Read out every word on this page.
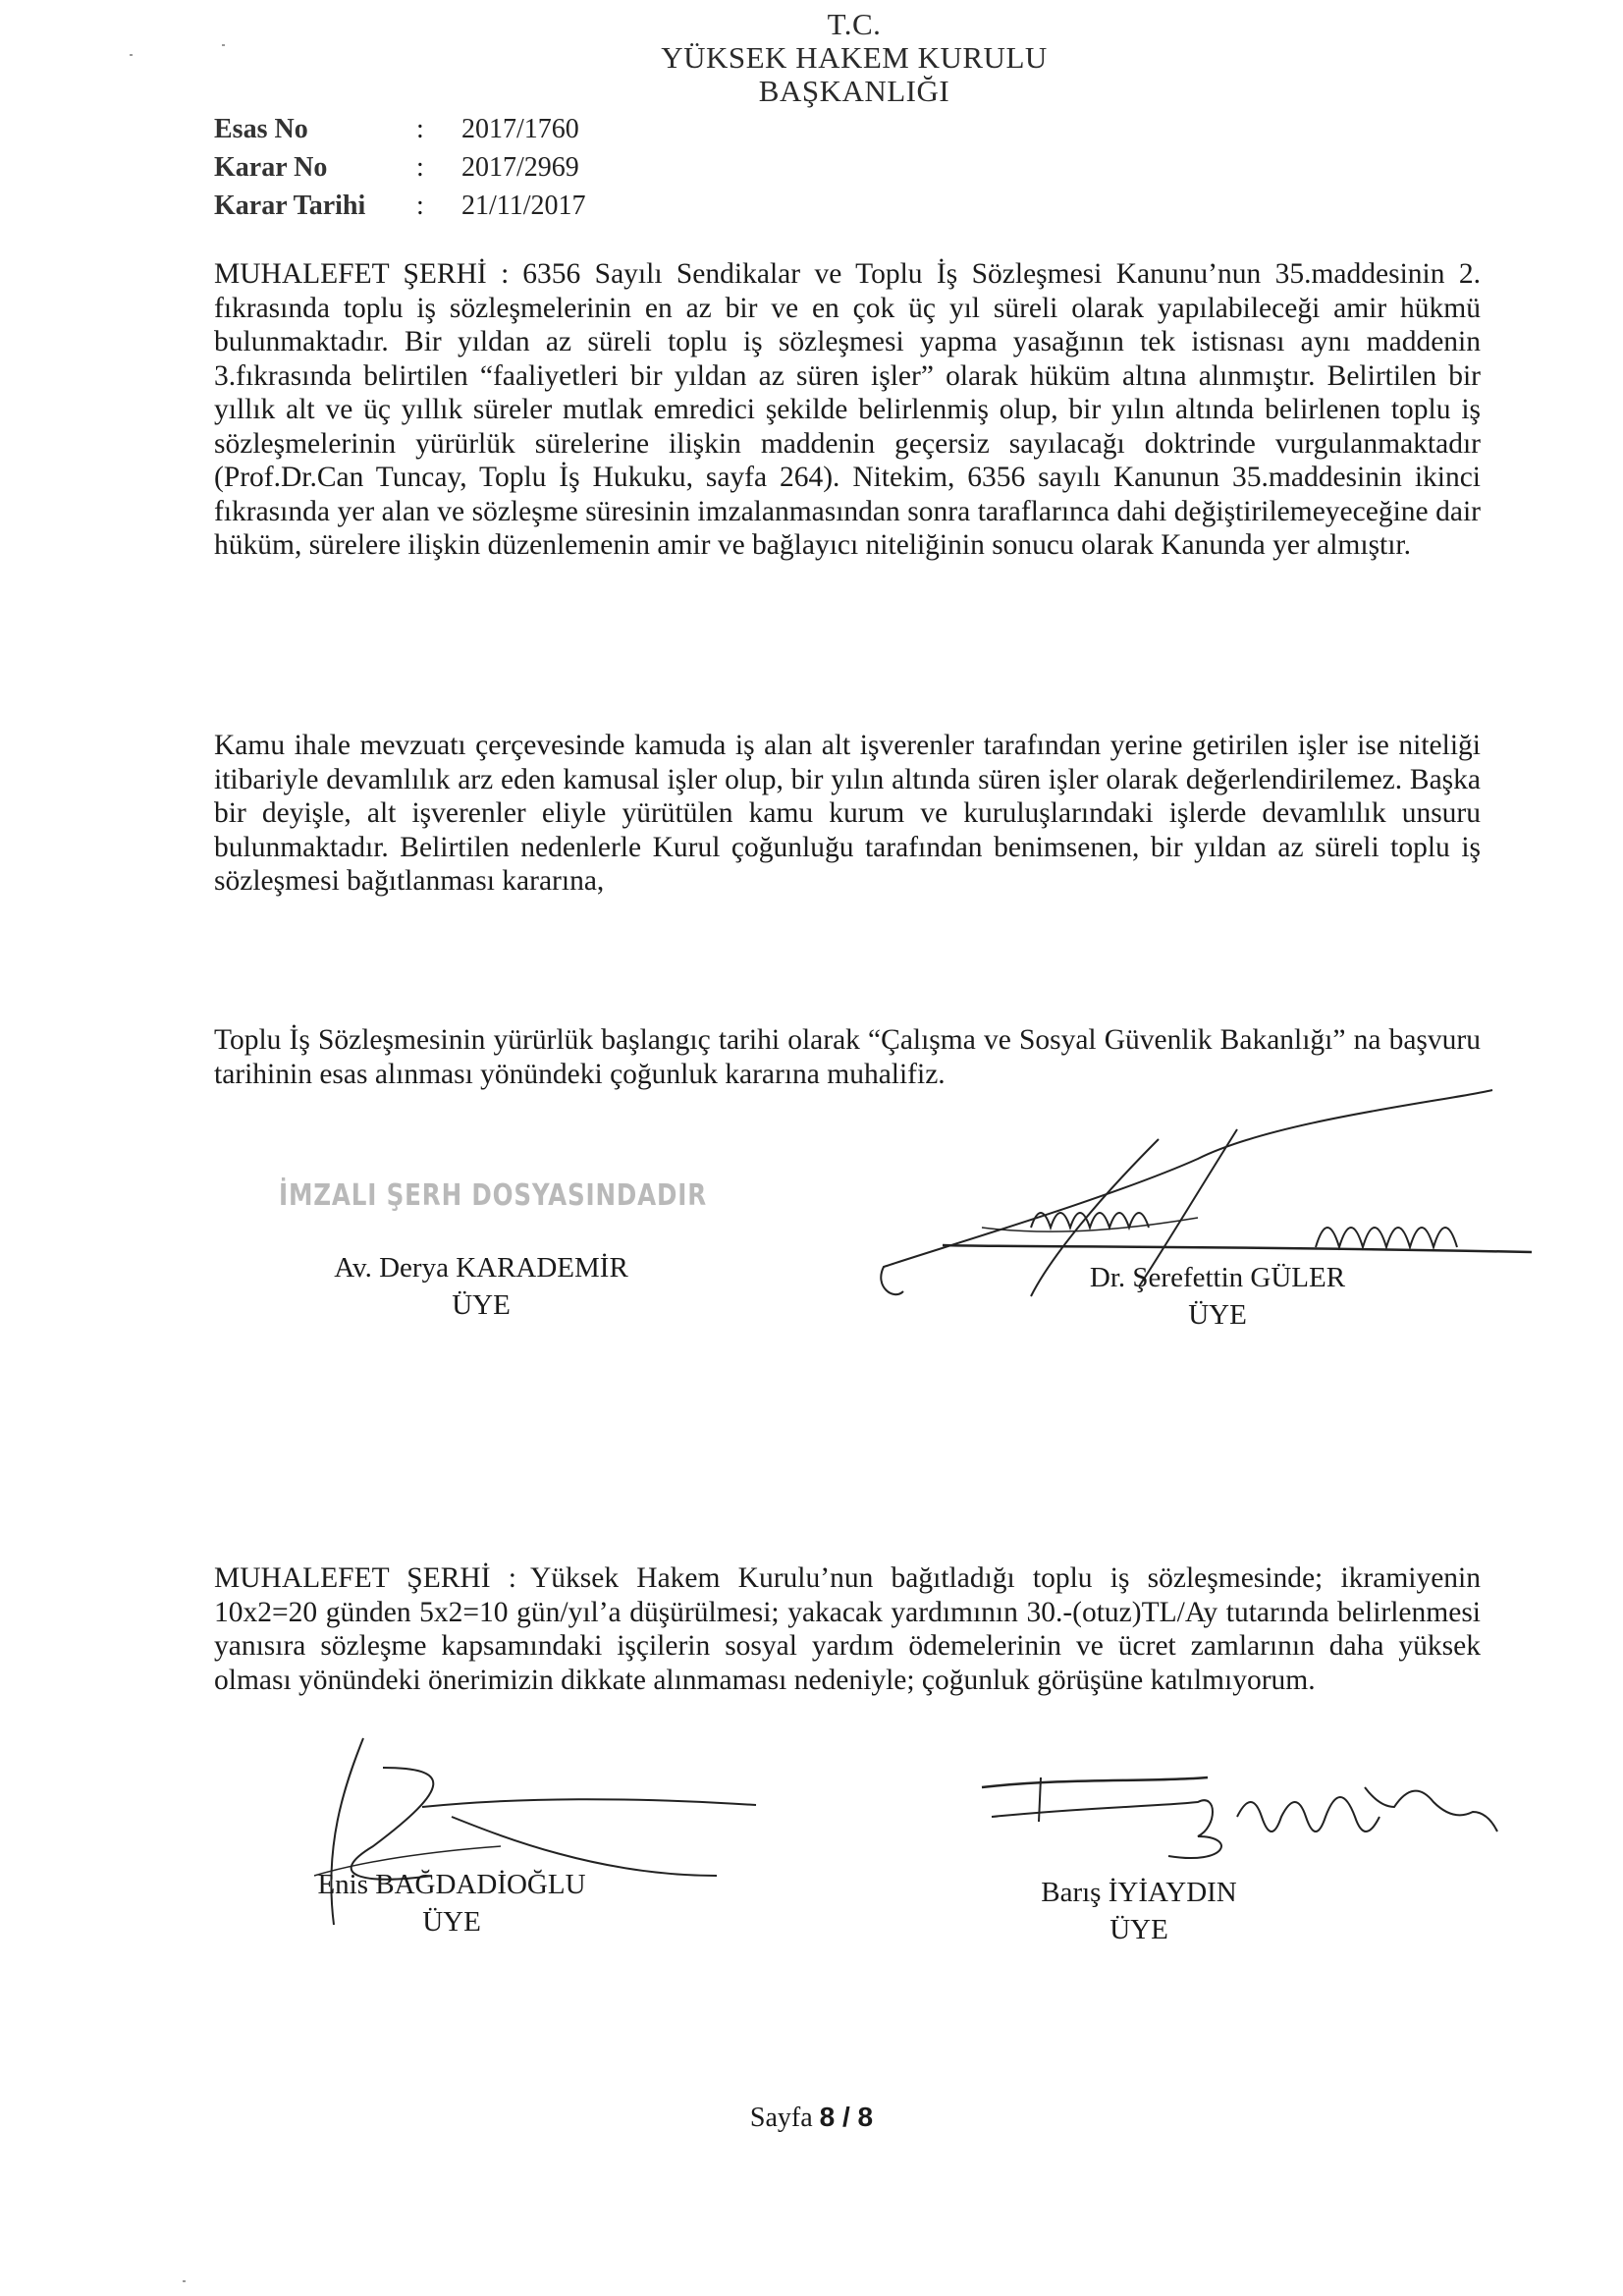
T.C.
YÜKSEK HAKEM KURULU
BAŞKANLIĞI
Esas No	:	2017/1760
Karar No	:	2017/2969
Karar Tarihi	:	21/11/2017

MUHALEFET ŞERHİ : 6356 Sayılı Sendikalar ve Toplu İş Sözleşmesi Kanunu’nun 35.maddesinin 2. fıkrasında toplu iş sözleşmelerinin en az bir ve en çok üç yıl süreli olarak yapılabileceği amir hükmü bulunmaktadır. Bir yıldan az süreli toplu iş sözleşmesi yapma yasağının tek istisnası aynı maddenin 3.fıkrasında belirtilen “faaliyetleri bir yıldan az süren işler” olarak hüküm altına alınmıştır. Belirtilen bir yıllık alt ve üç yıllık süreler mutlak emredici şekilde belirlenmiş olup, bir yılın altında belirlenen toplu iş sözleşmelerinin yürürlük sürelerine ilişkin maddenin geçersiz sayılacağı doktrinde vurgulanmaktadır (Prof.Dr.Can Tuncay, Toplu İş Hukuku, sayfa 264). Nitekim, 6356 sayılı Kanunun 35.maddesinin ikinci fıkrasında yer alan ve sözleşme süresinin imzalanmasından sonra taraflarınca dahi değiştirilemeyeceğine dair hüküm, sürelere ilişkin düzenlemenin amir ve bağlayıcı niteliğinin sonucu olarak Kanunda yer almıştır.

Kamu ihale mevzuatı çerçevesinde kamuda iş alan alt işverenler tarafından yerine getirilen işler ise niteliği itibariyle devamlılık arz eden kamusal işler olup, bir yılın altında süren işler olarak değerlendirilemez. Başka bir deyişle, alt işverenler eliyle yürütülen kamu kurum ve kuruluşlarındaki işlerde devamlılık unsuru bulunmaktadır. Belirtilen nedenlerle Kurul çoğunluğu tarafından benimsenen, bir yıldan az süreli toplu iş sözleşmesi bağıtlanması kararına,

Toplu İş Sözleşmesinin yürürlük başlangıç tarihi olarak “Çalışma ve Sosyal Güvenlik Bakanlığı” na başvuru tarihinin esas alınması yönündeki çoğunluk kararına muhalifiz.

İMZALI ŞERH DOSYASINDADIR
Av. Derya KARADEMİR
ÜYE
Dr. Şerefettin GÜLER
ÜYE

MUHALEFET ŞERHİ : Yüksek Hakem Kurulu’nun bağıtladığı toplu iş sözleşmesinde; ikramiyenin 10x2=20 günden 5x2=10 gün/yıl’a düşürülmesi; yakacak yardımının 30.-(otuz)TL/Ay tutarında belirlenmesi yanısıra sözleşme kapsamındaki işçilerin sosyal yardım ödemelerinin ve ücret zamlarının daha yüksek olması yönündeki önerimizin dikkate alınmaması nedeniyle; çoğunluk görüşüne katılmıyorum.

Enis BAĞDADİOĞLU
ÜYE
Barış İYİAYDIN
ÜYE
Sayfa 8 / 8
